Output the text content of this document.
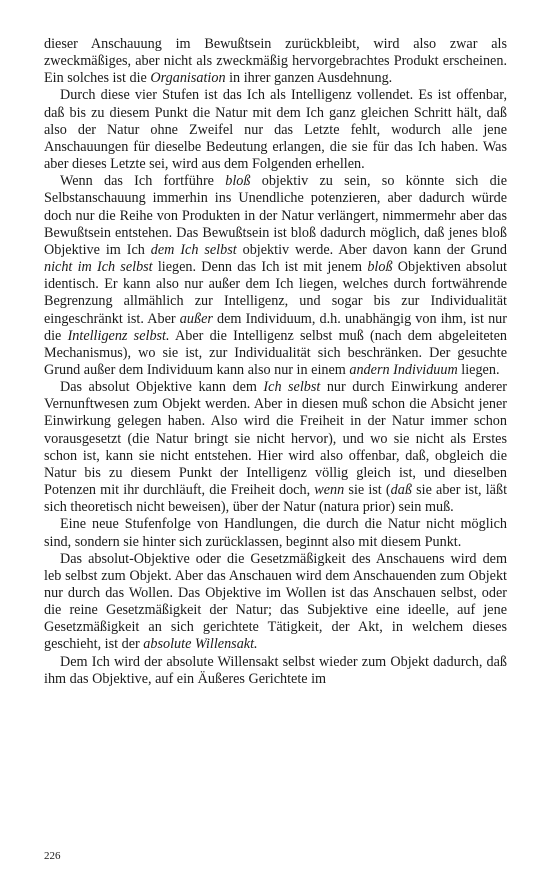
dieser Anschauung im Bewußtsein zurückbleibt, wird also zwar als zweckmäßiges, aber nicht als zweckmäßig hervorgebrachtes Produkt erscheinen. Ein solches ist die Organisation in ihrer ganzen Ausdehnung.

Durch diese vier Stufen ist das Ich als Intelligenz vollendet. Es ist offenbar, daß bis zu diesem Punkt die Natur mit dem Ich ganz gleichen Schritt hält, daß also der Natur ohne Zweifel nur das Letzte fehlt, wodurch alle jene Anschauungen für dieselbe Bedeutung erlangen, die sie für das Ich haben. Was aber dieses Letzte sei, wird aus dem Folgenden erhellen.

Wenn das Ich fortführe bloß objektiv zu sein, so könnte sich die Selbstanschauung immerhin ins Unendliche potenzieren, aber dadurch würde doch nur die Reihe von Produkten in der Natur verlängert, nimmermehr aber das Bewußtsein entstehen. Das Bewußtsein ist bloß dadurch möglich, daß jenes bloß Objektive im Ich dem Ich selbst objektiv werde. Aber davon kann der Grund nicht im Ich selbst liegen. Denn das Ich ist mit jenem bloß Objektiven absolut identisch. Er kann also nur außer dem Ich liegen, welches durch fortwährende Begrenzung allmählich zur Intelligenz, und sogar bis zur Individualität eingeschränkt ist. Aber außer dem Individuum, d.h. unabhängig von ihm, ist nur die Intelligenz selbst. Aber die Intelligenz selbst muß (nach dem abgeleiteten Mechanismus), wo sie ist, zur Individualität sich beschränken. Der gesuchte Grund außer dem Individuum kann also nur in einem andern Individuum liegen.

Das absolut Objektive kann dem Ich selbst nur durch Einwirkung anderer Vernunftwesen zum Objekt werden. Aber in diesen muß schon die Absicht jener Einwirkung gelegen haben. Also wird die Freiheit in der Natur immer schon vorausgesetzt (die Natur bringt sie nicht hervor), und wo sie nicht als Erstes schon ist, kann sie nicht entstehen. Hier wird also offenbar, daß, obgleich die Natur bis zu diesem Punkt der Intelligenz völlig gleich ist, und dieselben Potenzen mit ihr durchläuft, die Freiheit doch, wenn sie ist (daß sie aber ist, läßt sich theoretisch nicht beweisen), über der Natur (natura prior) sein muß.

Eine neue Stufenfolge von Handlungen, die durch die Natur nicht möglich sind, sondern sie hinter sich zurücklassen, beginnt also mit diesem Punkt.

Das absolut-Objektive oder die Gesetzmäßigkeit des Anschauens wird dem leb selbst zum Objekt. Aber das Anschauen wird dem Anschauenden zum Objekt nur durch das Wollen. Das Objektive im Wollen ist das Anschauen selbst, oder die reine Gesetzmäßigkeit der Natur; das Subjektive eine ideelle, auf jene Gesetzmäßigkeit an sich gerichtete Tätigkeit, der Akt, in welchem dieses geschieht, ist der absolute Willensakt.

Dem Ich wird der absolute Willensakt selbst wieder zum Objekt dadurch, daß ihm das Objektive, auf ein Äußeres Gerichtete im

226
